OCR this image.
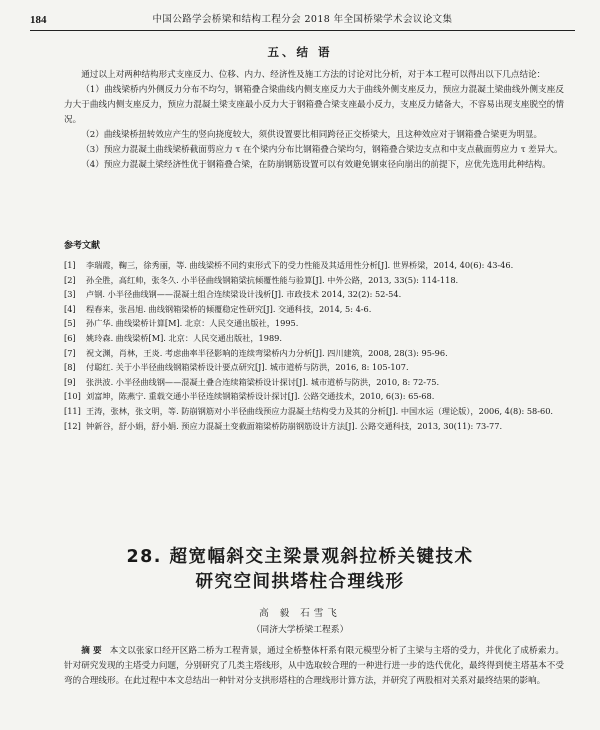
184	中国公路学会桥梁和结构工程分会 2018 年全国桥梁学术会议论文集
五、结 语

通过以上对两种结构形式支座反力、位移、内力、经济性及施工方法的讨论对比分析，对于本工程可以得出以下几点结论：

（1）曲线梁桥内外侧反力分布不均匀，钢箱叠合梁曲线内侧支座反力大于曲线外侧支座反力，预应力混凝土梁曲线外侧支座反力大于曲线内侧支座反力，预应力混凝土梁支座最小反力大于钢箱叠合梁支座最小反力，支座反力储备大，不容易出现支座脱空的情况。

（2）曲线梁桥扭转效应产生的竖向挠度较大，须供设置要比相同跨径正交桥梁大，且这种效应对于钢箱叠合梁更为明显。

（3）预应力混凝土曲线梁桥截面剪应力 τ 在个梁内分布比钢箱叠合梁均匀，钢箱叠合梁边支点和中支点截面剪应力 τ 差异大。

（4）预应力混凝土梁经济性优于钢箱叠合梁，在防崩钢筋设置可以有效避免钢束径向崩出的前提下，应优先选用此种结构。

参考文献
[1]	李瑞霞，鞠三，徐秀丽，等. 曲线梁桥不同约束形式下的受力性能及其适用性分析[J]. 世界桥梁，2014, 40(6): 43-46.
[2]	孙全胜，高红帅，张冬久. 小半径曲线钢箱梁抗倾覆性能与验算[J]. 中外公路，2013, 33(5): 114-118.
[3]	卢钢. 小半径曲线钢——混凝土组合连续梁设计浅析[J]. 市政技术 2014, 32(2): 52-54.
[4]	程春来，张昌旭. 曲线钢箱梁桥的倾覆稳定性研究[J]. 交通科技，2014, 5: 4-6.
[5]	孙广华. 曲线梁桥计算[M]. 北京：人民交通出版社，1995.
[6]	姚玲森. 曲线梁桥[M]. 北京：人民交通出版社，1989.
[7]	祝文渊，肖林，王炎. 考虑曲率半径影响的连续弯梁桥内力分析[J]. 四川建筑，2008, 28(3): 95-96.
[8]	付聪红. 关于小半径曲线钢箱梁桥设计要点研究[J]. 城市道桥与防洪，2016, 8: 105-107.
[9]	张洪波. 小半径曲线钢——混凝土叠合连续箱梁桥设计探讨[J]. 城市道桥与防洪，2010, 8: 72-75.
[10] 刘富坤，陈燕宁. 重载交通小半径连续钢箱梁桥设计探讨[J]. 公路交通技术，2010, 6(3): 65-68.
[11] 王涛，张林，张文明，等. 防崩钢筋对小半径曲线预应力混凝土结构受力及其的分析[J]. 中国水运（理论版），2006, 4(8): 58-60.
[12] 钟新谷，舒小娟，舒小娟. 预应力混凝土变截面箱梁桥防崩钢筋设计方法[J]. 公路交通科技，2013, 30(11): 73-77.
28. 超宽幅斜交主梁景观斜拉桥关键技术
研究空间拱塔柱合理线形
高 毅 石雪飞
（同济大学桥梁工程系）
摘 要 本文以张家口经开区路二桥为工程背景，通过全桥整体杆系有限元模型分析了主梁与主塔的受力，并优化了成桥索力。针对研究发现的主塔受力问题，分别研究了几类主塔线形，从中选取较合理的一种进行进一步的迭代优化，最终得到使主塔基本不受弯的合理线形。在此过程中本文总结出一种针对分支拱形塔柱的合理线形计算方法，并研究了两股相对关系对最终结果的影响。
